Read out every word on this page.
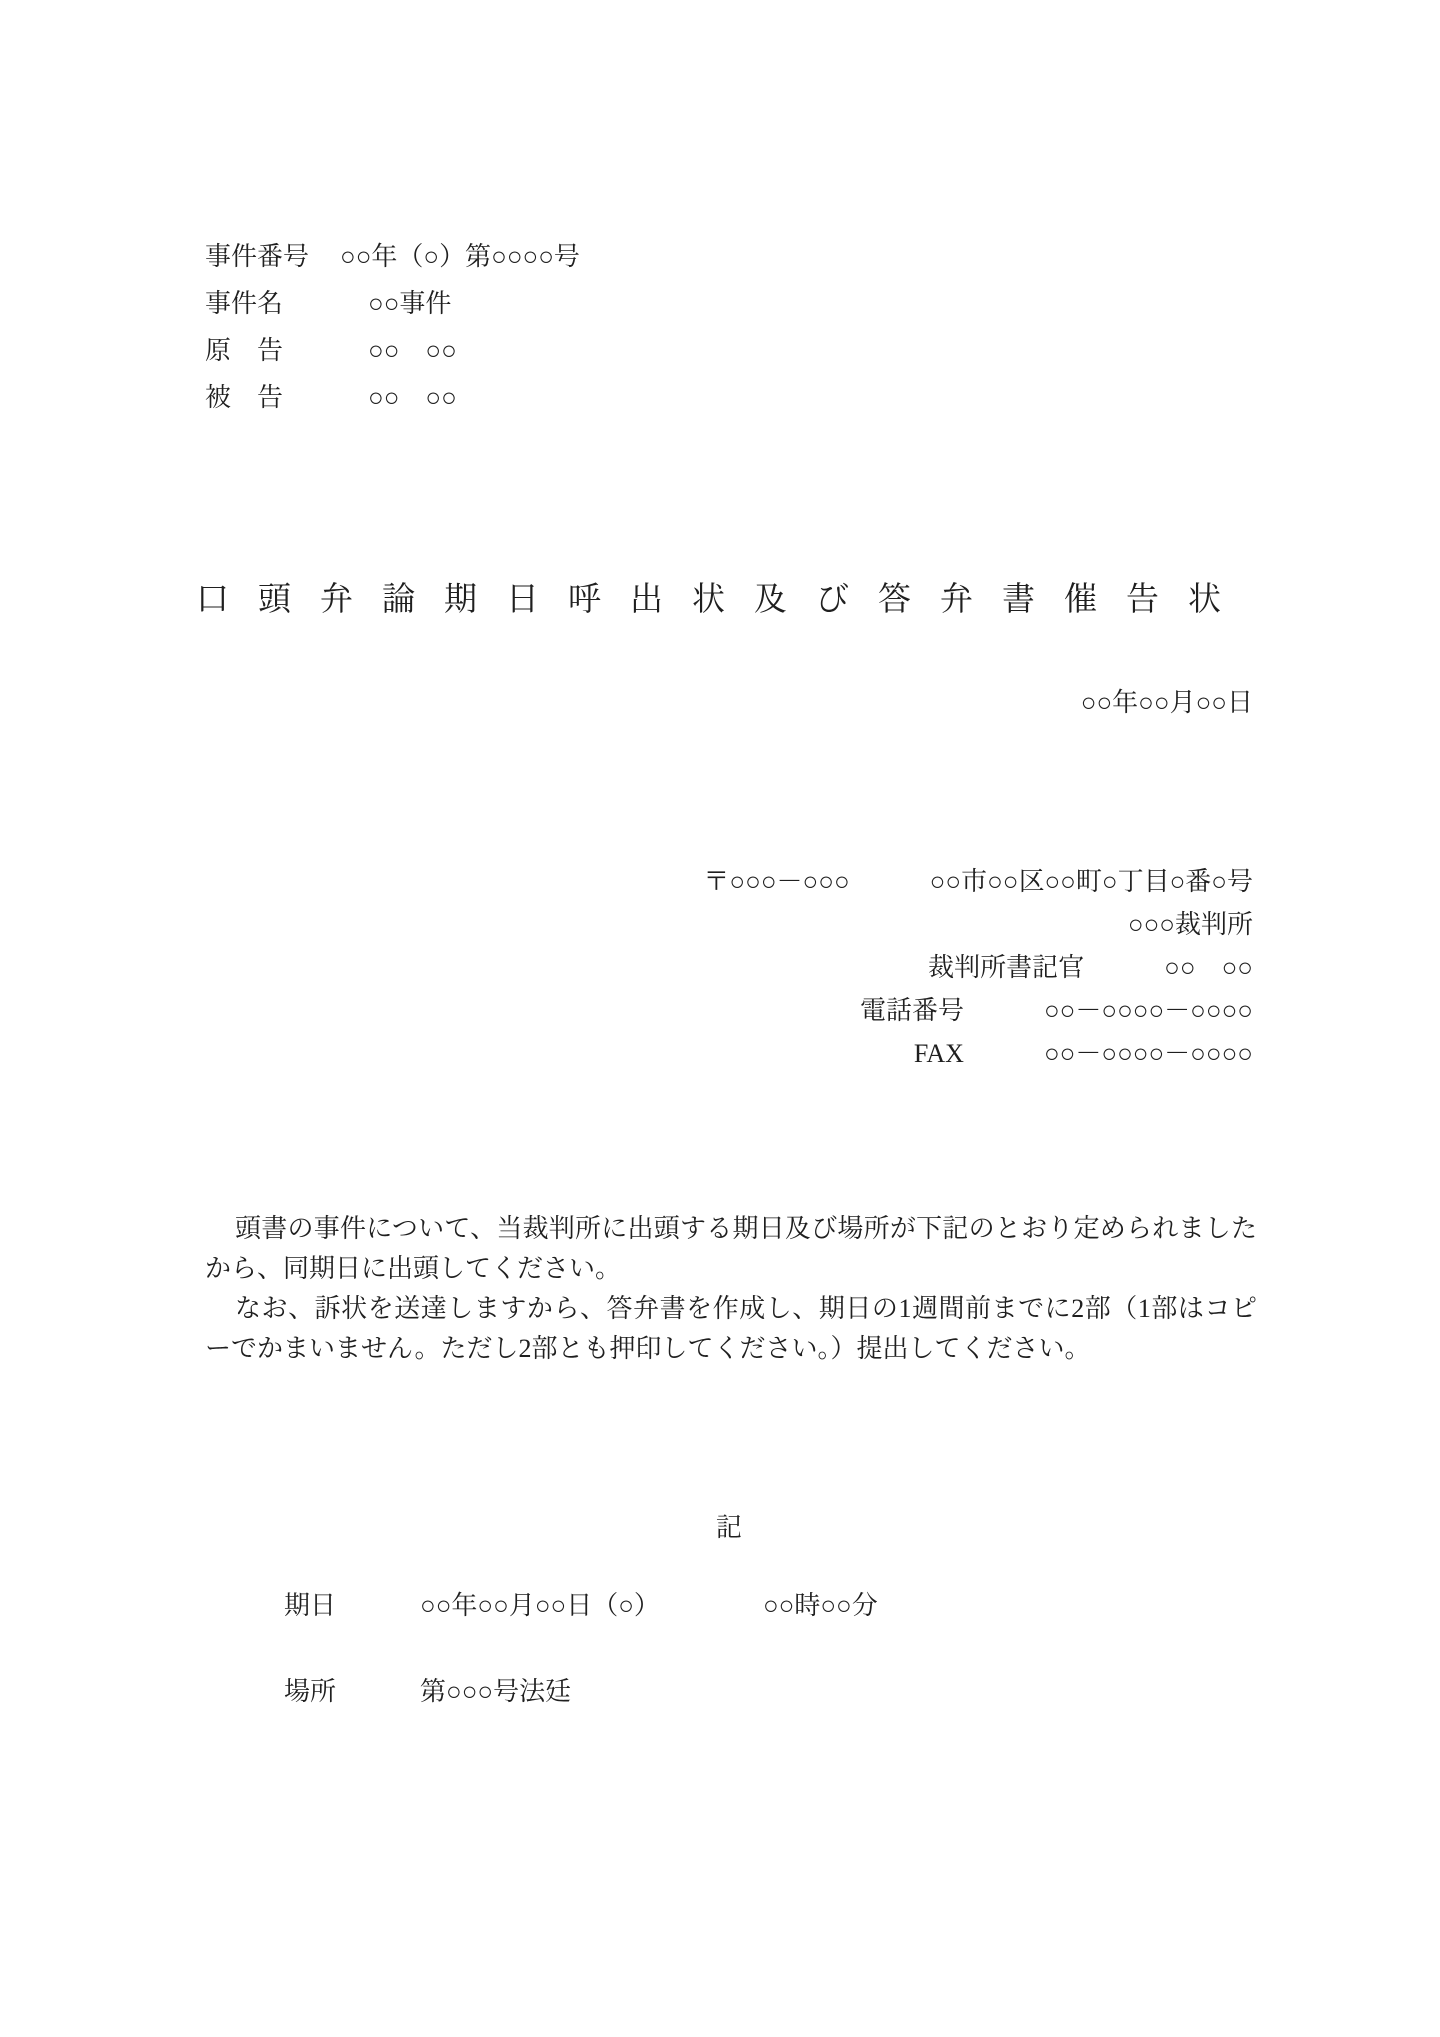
事件番号	○○年（○）第○○○○号
事件名	○○事件
原　告	○○　○○
被　告	○○　○○
口頭弁論期日呼出状及び答弁書催告状
○○年○○月○○日
〒○○○－○○○	○○市○○区○○町○丁目○番○号
○○○裁判所
裁判所書記官	○○　○○
電話番号	○○－○○○○－○○○○
FAX	○○－○○○○－○○○○

頭書の事件について、当裁判所に出頭する期日及び場所が下記のとおり定められましたから、同期日に出頭してください。

なお、訴状を送達しますから、答弁書を作成し、期日の1週間前までに2部（1部はコピーでかまいません。ただし2部とも押印してください。）提出してください。

記
期日	○○年○○月○○日（○）	○○時○○分
場所	第○○○号法廷
